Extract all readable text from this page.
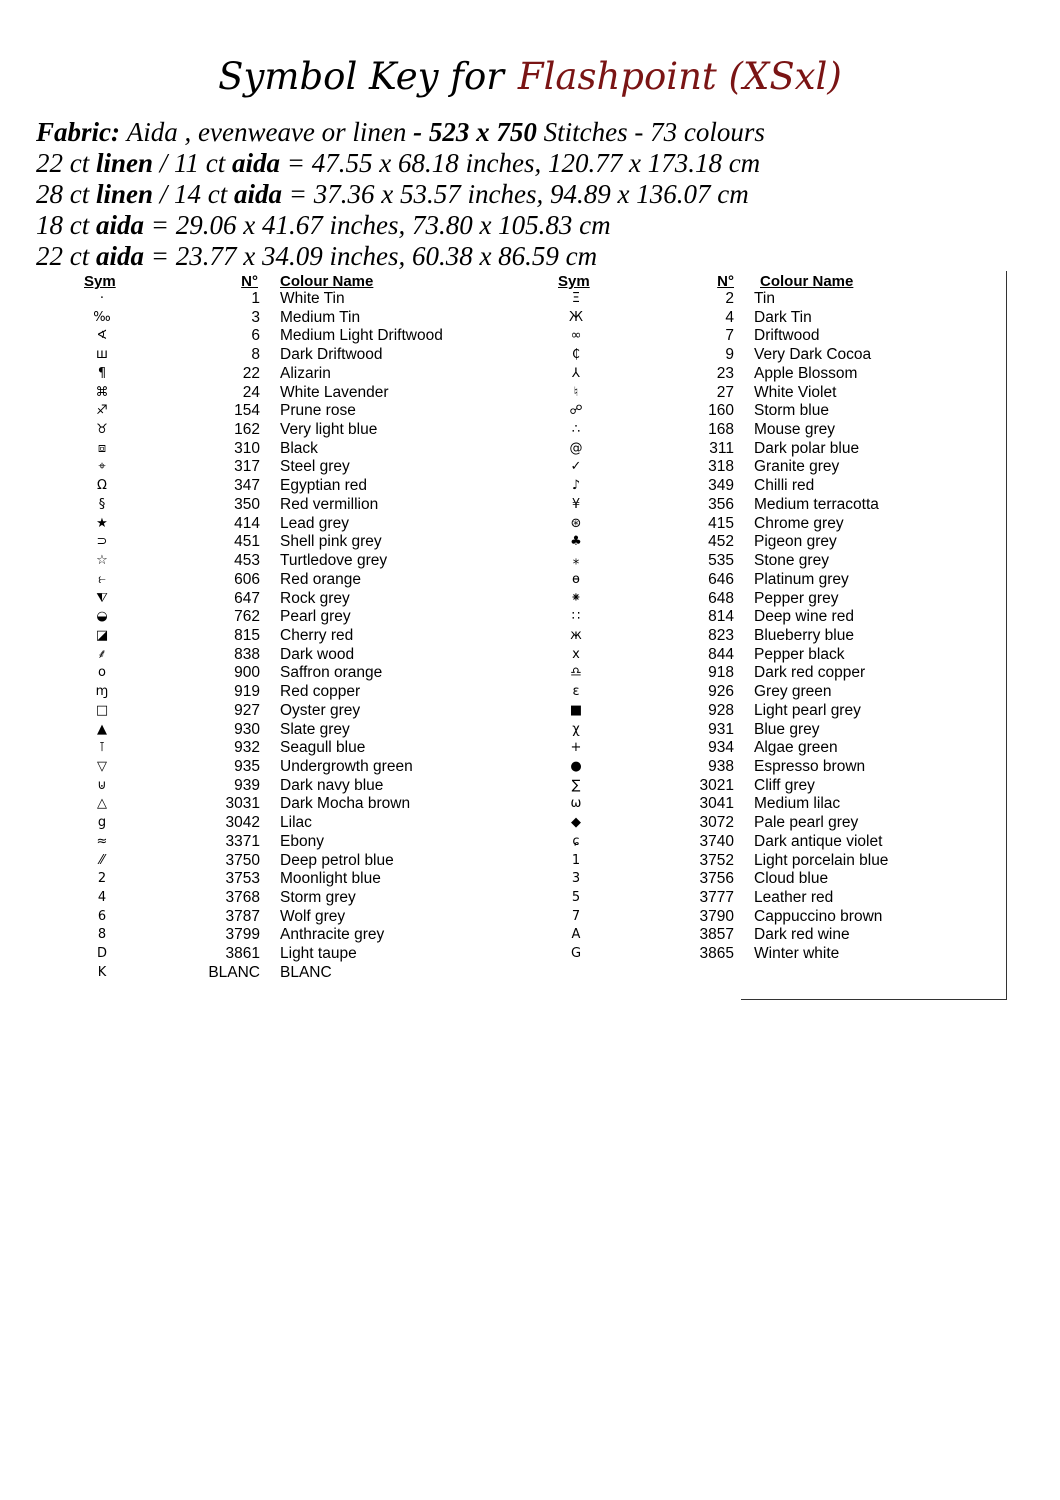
Symbol Key for Flashpoint (XSxl)
Fabric: Aida , evenweave or linen - 523 x 750 Stitches - 73 colours
22 ct linen / 11 ct aida = 47.55 x 68.18 inches, 120.77 x 173.18 cm
28 ct linen / 14 ct aida = 37.36 x 53.57 inches, 94.89 x 136.07 cm
18 ct aida = 29.06 x 41.67 inches, 73.80 x 105.83 cm
22 ct aida = 23.77 x 34.09 inches, 60.38 x 86.59 cm
Sym	N° Colour Name	Sym	N° Colour Name
·	1 White Tin
‰	3 Medium Tin
∢	6 Medium Light Driftwood
ш	8 Dark Driftwood
¶	22 Alizarin
⌘	24 White Lavender
♐	154 Prune rose
♉	162 Very light blue
⧈	310 Black
⌖	317 Steel grey
Ω	347 Egyptian red
§	350 Red vermillion
★	414 Lead grey
⊃	451 Shell pink grey
☆	453 Turtledove grey
⥼	606 Red orange
⧨	647 Rock grey
◒	762 Pearl grey
◪	815 Cherry red
⸙	838 Dark wood
o	900 Saffron orange
ɱ	919 Red copper
□	927 Oyster grey
▲	930 Slate grey
⊺	932 Seagull blue
▽	935 Undergrowth green
⊍	939 Dark navy blue
△	3031 Dark Mocha brown
g	3042 Lilac
≈	3371 Ebony
⁄⁄	3750 Deep petrol blue
2	3753 Moonlight blue
4	3768 Storm grey
6	3787 Wolf grey
8	3799 Anthracite grey
D	3861 Light taupe
K	BLANC BLANC
Ξ	2 Tin
Ж	4 Dark Tin
∞	7 Driftwood
₵	9 Very Dark Cocoa
⅄	23 Apple Blossom
♮	27 White Violet
☍	160 Storm blue
∴	168 Mouse grey
@	311 Dark polar blue
✓	318 Granite grey
♪	349 Chilli red
¥	356 Medium terracotta
⊛	415 Chrome grey
♣	452 Pigeon grey
⁎	535 Stone grey
ɵ	646 Platinum grey
⁕	648 Pepper grey
∷	814 Deep wine red
ж	823 Blueberry blue
x	844 Pepper black
♎	918 Dark red copper
ε	926 Grey green
■	928 Light pearl grey
χ	931 Blue grey
+	934 Algae green
●	938 Espresso brown
∑	3021 Cliff grey
ω	3041 Medium lilac
◆	3072 Pale pearl grey
ɕ	3740 Dark antique violet
1	3752 Light porcelain blue
3	3756 Cloud blue
5	3777 Leather red
7	3790 Cappuccino brown
A	3857 Dark red wine
G	3865 Winter white
